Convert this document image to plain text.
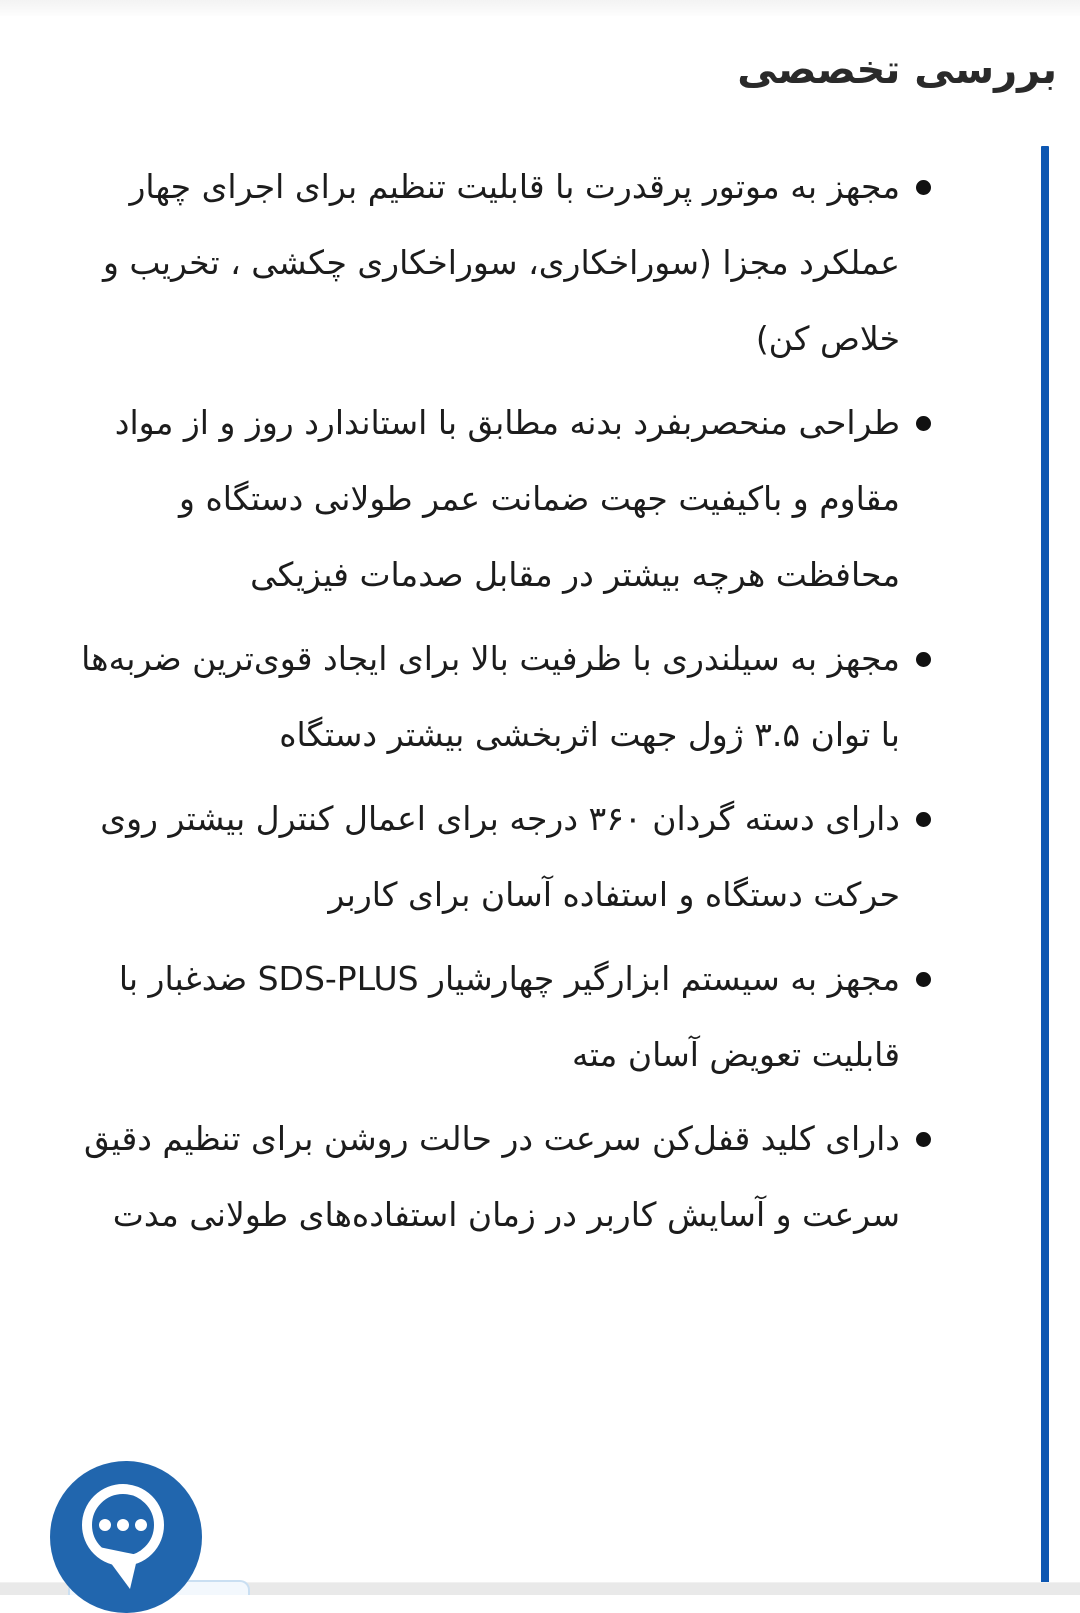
بررسی تخصصی
مجهز به موتور پرقدرت با قابلیت تنظیم برای اجرای چهار عملکرد مجزا (سوراخکاری، سوراخکاری چکشی ، تخریب و خلاص کن)
طراحی منحصربفرد بدنه مطابق با استاندارد روز و از مواد مقاوم و باکیفیت جهت ضمانت عمر طولانی دستگاه و محافظت هرچه بیشتر در مقابل صدمات فیزیکی
مجهز به سیلندری با ظرفیت بالا برای ایجاد قوی‌ترین ضربه‌ها با توان ۳.۵ ژول جهت اثربخشی بیشتر دستگاه
دارای دسته گردان ۳۶۰ درجه برای اعمال کنترل بیشتر روی حرکت دستگاه و استفاده آسان برای کاربر
مجهز به سیستم ابزارگیر چهارشیار SDS-PLUS ضدغبار با قابلیت تعویض آسان مته
دارای کلید قفل‌کن سرعت در حالت روشن برای تنظیم دقیق سرعت و آسایش کاربر در زمان استفاده‌های طولانی مدت
